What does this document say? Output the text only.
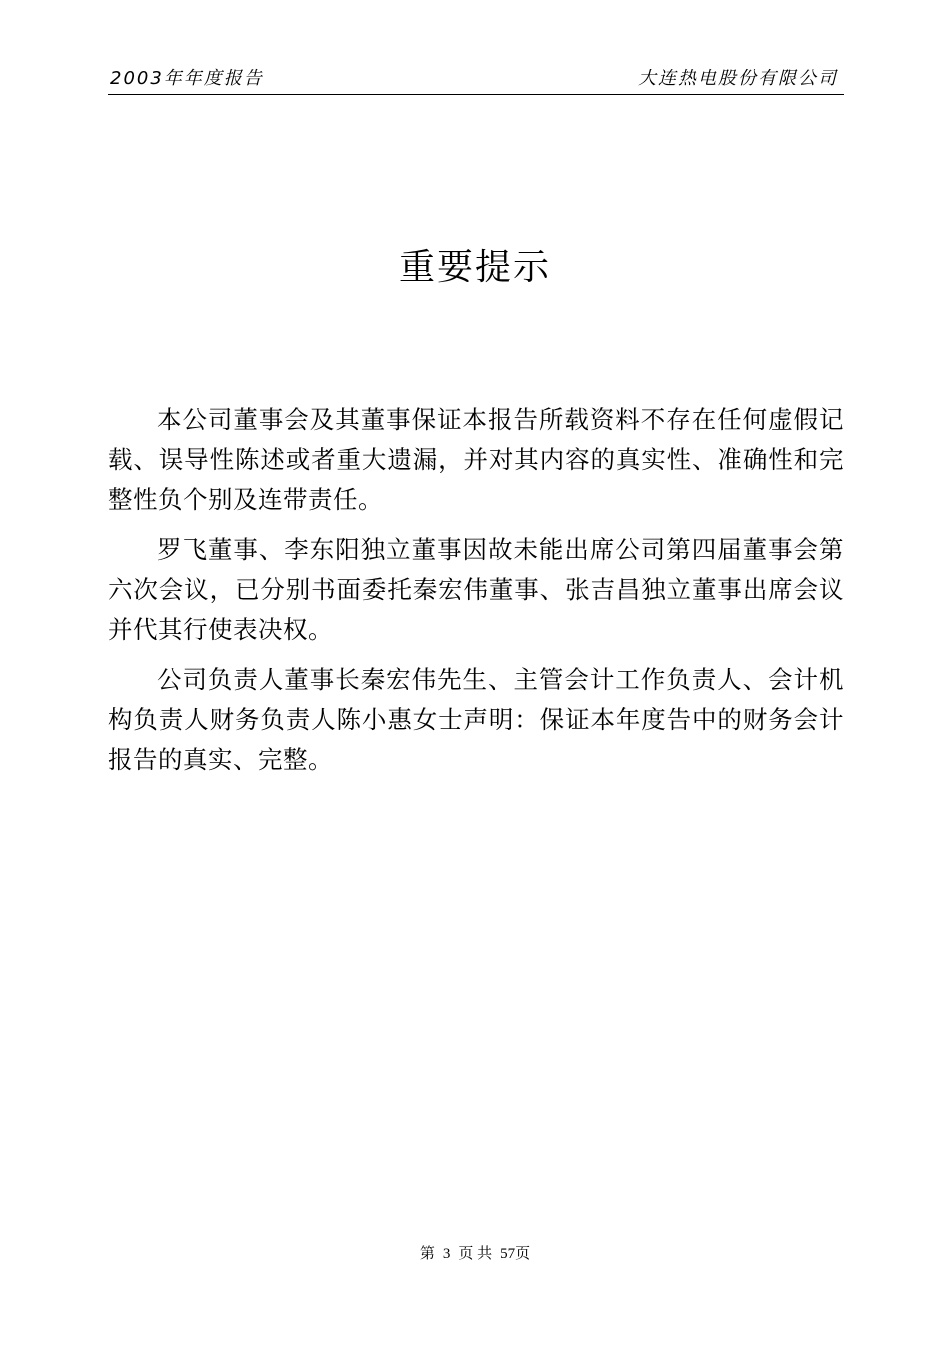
2003年年度报告	大连热电股份有限公司
重要提示

本公司董事会及其董事保证本报告所载资料不存在任何虚假记载、误导性陈述或者重大遗漏，并对其内容的真实性、准确性和完整性负个别及连带责任。

罗飞董事、李东阳独立董事因故未能出席公司第四届董事会第六次会议，已分别书面委托秦宏伟董事、张吉昌独立董事出席会议并代其行使表决权。

公司负责人董事长秦宏伟先生、主管会计工作负责人、会计机构负责人财务负责人陈小惠女士声明：保证本年度告中的财务会计报告的真实、完整。

第 3 页 共 57页
